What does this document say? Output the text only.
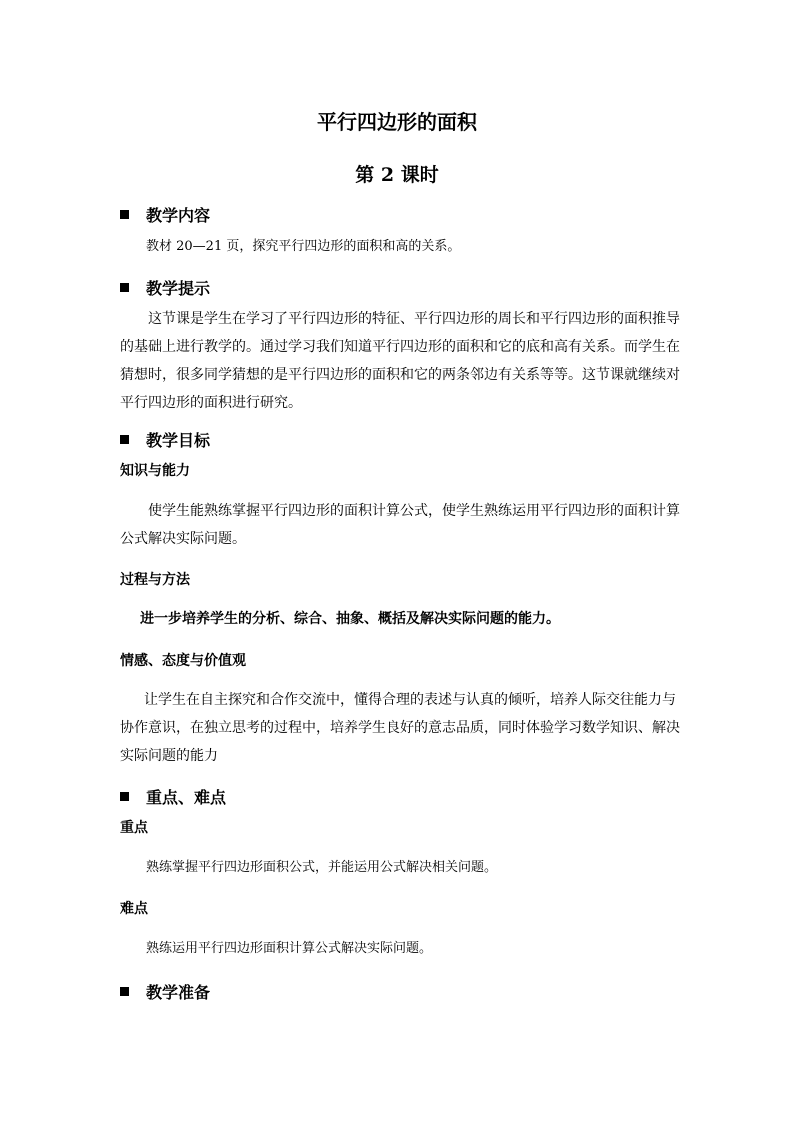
平行四边形的面积
第 2 课时
教学内容
教材 20—21 页，探究平行四边形的面积和高的关系。
教学提示
这节课是学生在学习了平行四边形的特征、平行四边形的周长和平行四边形的面积推导
的基础上进行教学的。通过学习我们知道平行四边形的面积和它的底和高有关系。而学生在
猜想时，很多同学猜想的是平行四边形的面积和它的两条邻边有关系等等。这节课就继续对
平行四边形的面积进行研究。
教学目标
知识与能力
使学生能熟练掌握平行四边形的面积计算公式，使学生熟练运用平行四边形的面积计算
公式解决实际问题。
过程与方法
进一步培养学生的分析、综合、抽象、概括及解决实际问题的能力。
情感、态度与价值观
让学生在自主探究和合作交流中，懂得合理的表述与认真的倾听，培养人际交往能力与
协作意识，在独立思考的过程中，培养学生良好的意志品质，同时体验学习数学知识、解决
实际问题的能力
重点、难点
重点
熟练掌握平行四边形面积公式，并能运用公式解决相关问题。
难点
熟练运用平行四边形面积计算公式解决实际问题。
教学准备
